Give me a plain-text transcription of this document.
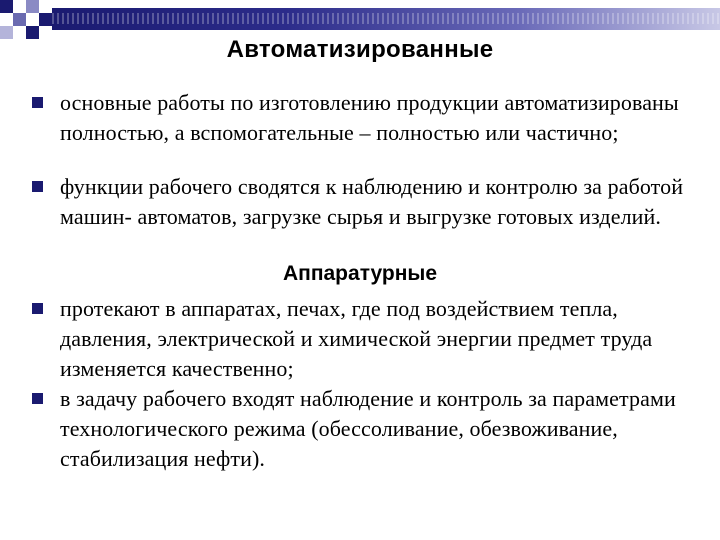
Автоматизированные
основные работы по изготовлению продукции автоматизированы полностью, а вспомогательные – полностью или частично;
функции рабочего сводятся к наблюдению и контролю за работой машин- автоматов, загрузке сырья и выгрузке готовых изделий.
Аппаратурные
протекают в аппаратах, печах, где под воздействием тепла, давления, электрической и химической энергии предмет труда изменяется качественно;
в задачу рабочего входят наблюдение и контроль за параметрами технологического режима (обессоливание, обезвоживание, стабилизация нефти).
